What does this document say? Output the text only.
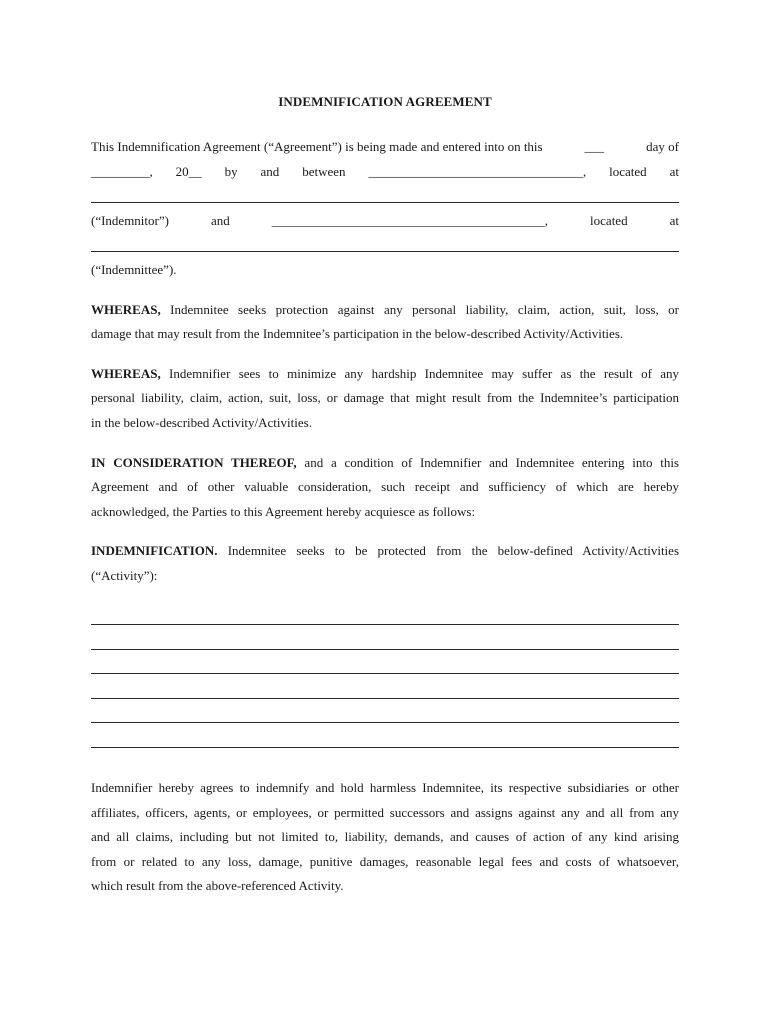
INDEMNIFICATION AGREEMENT
This Indemnification Agreement (“Agreement”) is being made and entered into on this	___	day of
_________, 20__ by and between _________________________________, located at
(“Indemnitor”)	and	__________________________________________,	located	at
(“Indemnittee”).
WHEREAS, Indemnitee seeks protection against any personal liability, claim, action, suit, loss, or
damage that may result from the Indemnitee’s participation in the below-described Activity/Activities.
WHEREAS, Indemnifier sees to minimize any hardship Indemnitee may suffer as the result of any
personal liability, claim, action, suit, loss, or damage that might result from the Indemnitee’s participation
in the below-described Activity/Activities.
IN CONSIDERATION THEREOF, and a condition of Indemnifier and Indemnitee entering into this
Agreement and of other valuable consideration, such receipt and sufficiency of which are hereby
acknowledged, the Parties to this Agreement hereby acquiesce as follows:
INDEMNIFICATION. Indemnitee seeks to be protected from the below-defined Activity/Activities
(“Activity”):
Indemnifier hereby agrees to indemnify and hold harmless Indemnitee, its respective subsidiaries or other
affiliates, officers, agents, or employees, or permitted successors and assigns against any and all from any
and all claims, including but not limited to, liability, demands, and causes of action of any kind arising
from or related to any loss, damage, punitive damages, reasonable legal fees and costs of whatsoever,
which result from the above-referenced Activity.
